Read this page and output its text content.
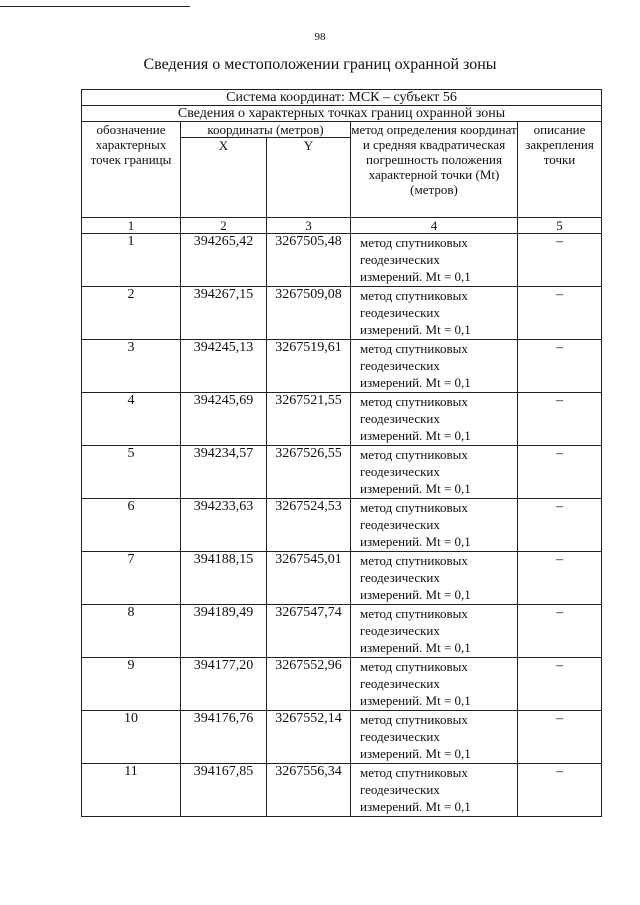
98
Сведения о местоположении границ охранной зоны
Система координат: МСК – субъект 56				
Сведения о характерных точках границ охранной зоны				
обозначение характерных точек границы	координаты (метров)		метод определения координат и средняя квадратическая погрешность положения характерной точки (Mt) (метров)	описание закрепления точки
	X	Y		
1	2	3	4	5
1	394265,42	3267505,48	метод спутниковых
геодезических
измерений. Mt = 0,1	–
2	394267,15	3267509,08	метод спутниковых
геодезических
измерений. Mt = 0,1	–
3	394245,13	3267519,61	метод спутниковых
геодезических
измерений. Mt = 0,1	–
4	394245,69	3267521,55	метод спутниковых
геодезических
измерений. Mt = 0,1	–
5	394234,57	3267526,55	метод спутниковых
геодезических
измерений. Mt = 0,1	–
6	394233,63	3267524,53	метод спутниковых
геодезических
измерений. Mt = 0,1	–
7	394188,15	3267545,01	метод спутниковых
геодезических
измерений. Mt = 0,1	–
8	394189,49	3267547,74	метод спутниковых
геодезических
измерений. Mt = 0,1	–
9	394177,20	3267552,96	метод спутниковых
геодезических
измерений. Mt = 0,1	–
10	394176,76	3267552,14	метод спутниковых
геодезических
измерений. Mt = 0,1	–
11	394167,85	3267556,34	метод спутниковых
геодезических
измерений. Mt = 0,1	–
